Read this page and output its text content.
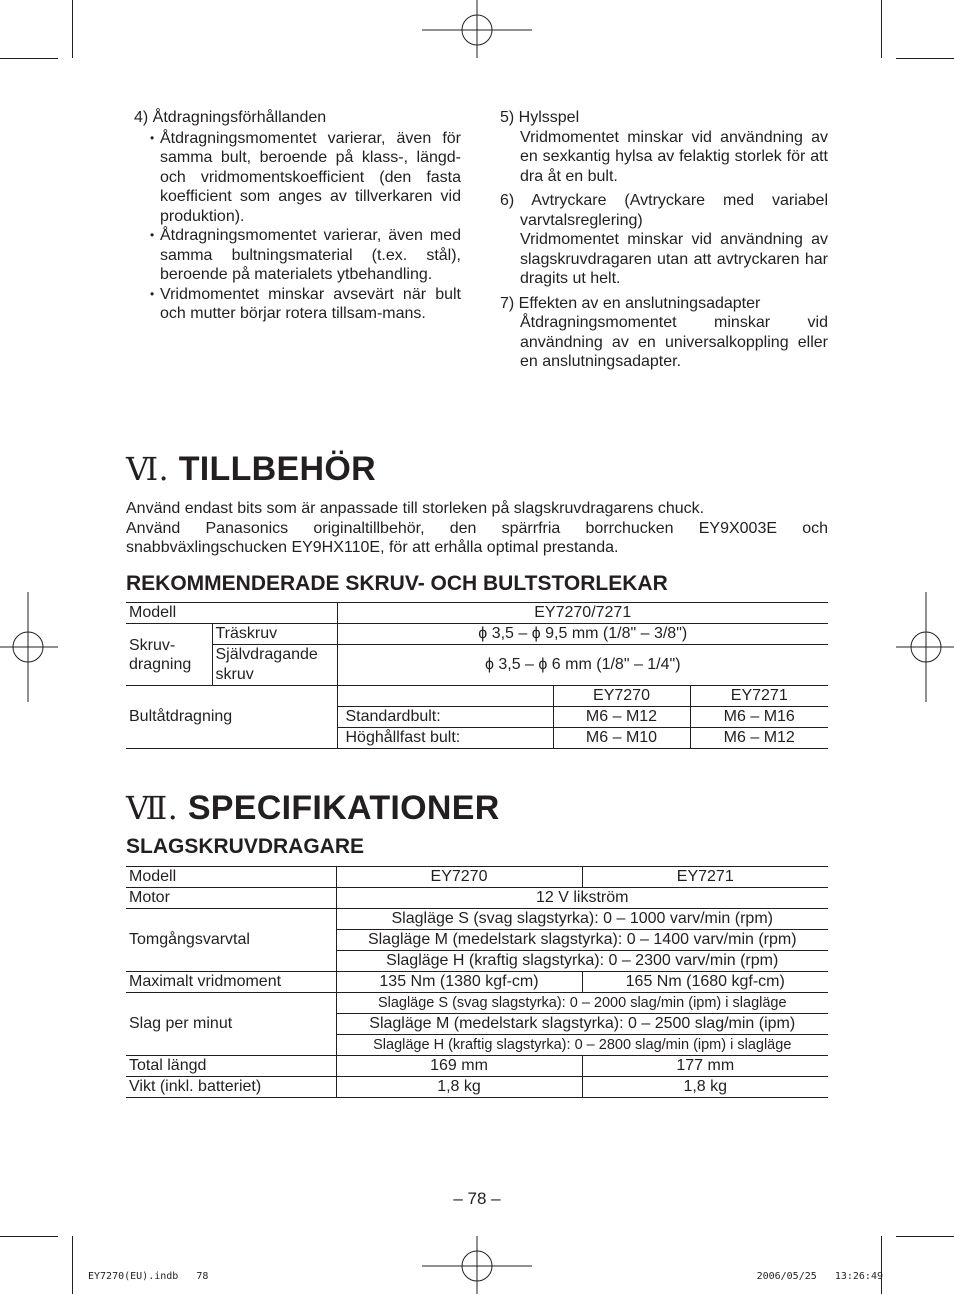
4) Åtdragningsförhållanden

• Åtdragningsmomentet varierar, även för samma bult, beroende på klass-, längd- och vridmomentskoefficient (den fasta koefficient som anges av tillverkaren vid produktion).

• Åtdragningsmomentet varierar, även med samma bultningsmaterial (t.ex. stål), beroende på materialets ytbehandling.

• Vridmomentet minskar avsevärt när bult och mutter börjar rotera tillsam-mans.

5) Hylsspel

Vridmomentet minskar vid användning av en sexkantig hylsa av felaktig storlek för att dra åt en bult.

6) Avtryckare (Avtryckare med variabel varvtalsreglering)

Vridmomentet minskar vid användning av slagskruvdragaren utan att avtryckaren har dragits ut helt.

7) Effekten av en anslutningsadapter

Åtdragningsmomentet minskar vid användning av en universalkoppling eller en anslutningsadapter.

Ⅵ. TILLBEHÖR

Använd endast bits som är anpassade till storleken på slagskruvdragarens chuck.

Använd Panasonics originaltillbehör, den spärrfria borrchucken EY9X003E och snabbväxlingschucken EY9HX110E, för att erhålla optimal prestanda.

REKOMMENDERADE SKRUV- OCH BULTSTORLEKAR
Modell		EY7270/7271		
Skruv-dragning	Träskruv	ϕ 3,5 – ϕ 9,5 mm (1/8" – 3/8")		
	Självdragande skruv	ϕ 3,5 – ϕ 6 mm (1/8" – 1/4")		
Bultåtdragning			EY7270	EY7271
		Standardbult:	M6 – M12	M6 – M16
		Höghållfast bult:	M6 – M10	M6 – M12
Ⅶ. SPECIFIKATIONER
SLAGSKRUVDRAGARE
Modell	EY7270	EY7271
Motor	12 V likström	
Tomgångsvarvtal	Slagläge S (svag slagstyrka): 0 – 1000 varv/min (rpm)	
	Slagläge M (medelstark slagstyrka): 0 – 1400 varv/min (rpm)	
	Slagläge H (kraftig slagstyrka): 0 – 2300 varv/min (rpm)	
Maximalt vridmoment	135 Nm (1380 kgf-cm)	165 Nm (1680 kgf-cm)
Slag per minut	Slagläge S (svag slagstyrka): 0 – 2000 slag/min (ipm) i slagläge	
	Slagläge M (medelstark slagstyrka): 0 – 2500 slag/min (ipm)	
	Slagläge H (kraftig slagstyrka): 0 – 2800 slag/min (ipm) i slagläge	
Total längd	169 mm	177 mm
Vikt (inkl. batteriet)	1,8 kg	1,8 kg
– 78 –
EY7270(EU).indb   78	2006/05/25   13:26:49
